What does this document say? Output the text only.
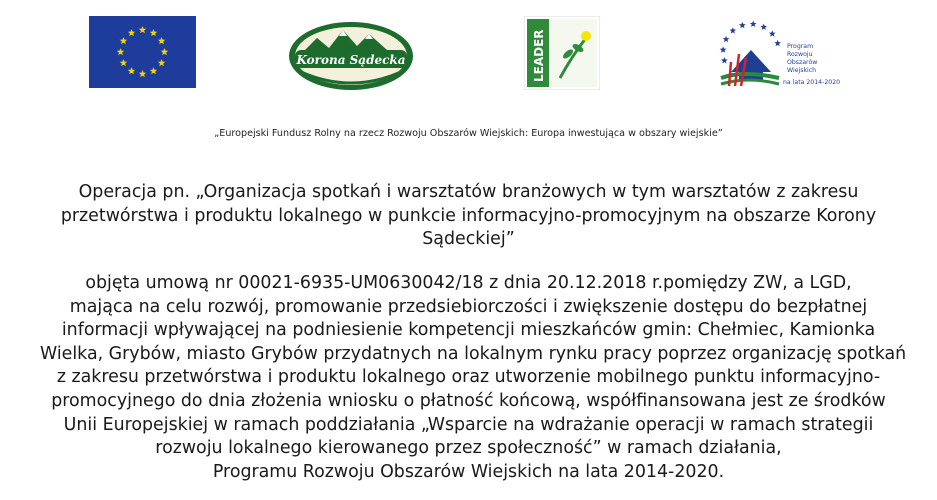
Korona Sądecka	LEADER	Program Rozwoju Obszarów Wiejskich na lata 2014-2020
„Europejski Fundusz Rolny na rzecz Rozwoju Obszarów Wiejskich: Europa inwestująca w obszary wiejskie”
Operacja pn. „Organizacja spotkań i warsztatów branżowych w tym warsztatów z zakresu
przetwórstwa i produktu lokalnego w punkcie informacyjno-promocyjnym na obszarze Korony
Sądeckiej”
objęta umową nr 00021-6935-UM0630042/18 z dnia 20.12.2018 r.pomiędzy ZW, a LGD,
mająca na celu rozwój, promowanie przedsiebiorczości i zwiększenie dostępu do bezpłatnej
informacji wpływającej na podniesienie kompetencji mieszkańców gmin: Chełmiec, Kamionka
Wielka, Grybów, miasto Grybów przydatnych na lokalnym rynku pracy poprzez organizację spotkań
z zakresu przetwórstwa i produktu lokalnego oraz utworzenie mobilnego punktu informacyjno-
promocyjnego do dnia złożenia wniosku o płatność końcową, współfinansowana jest ze środków
Unii Europejskiej w ramach poddziałania „Wsparcie na wdrażanie operacji w ramach strategii
rozwoju lokalnego kierowanego przez społeczność” w ramach działania,
Programu Rozwoju Obszarów Wiejskich na lata 2014-2020.
